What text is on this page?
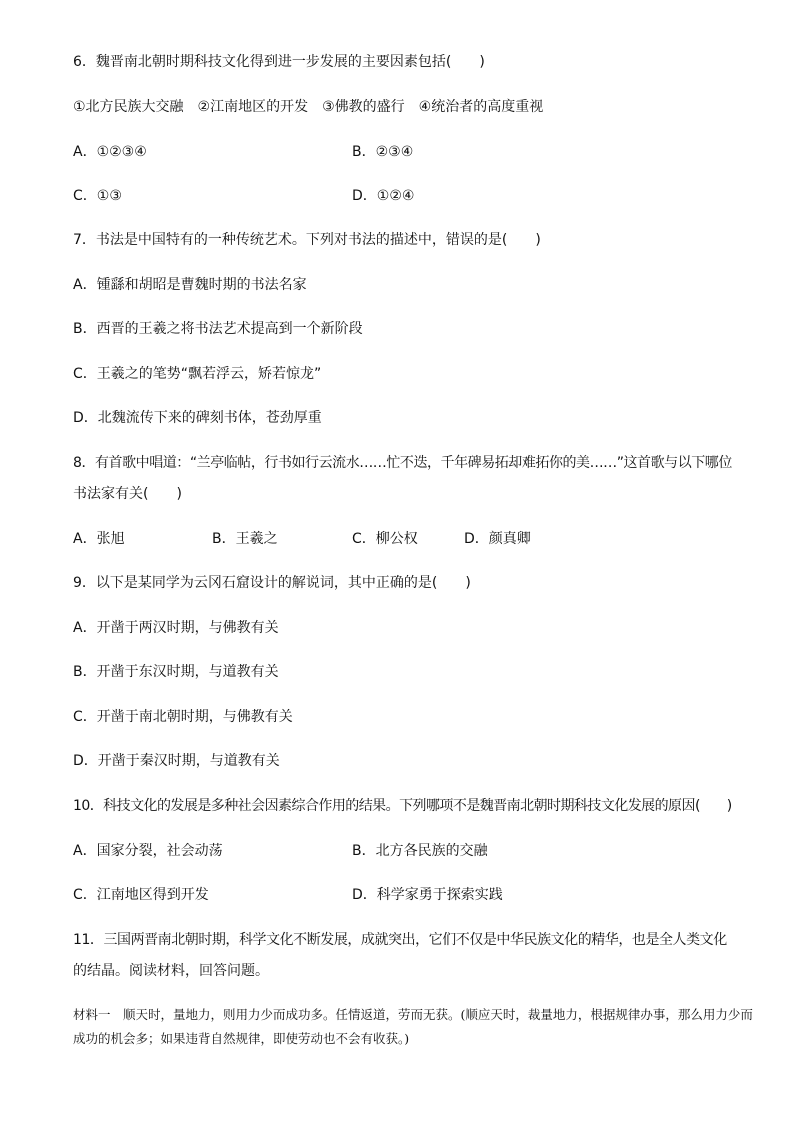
6．魏晋南北朝时期科技文化得到进一步发展的主要因素包括(　　)
①北方民族大交融　②江南地区的开发　③佛教的盛行　④统治者的高度重视
A．①②③④	B．②③④
C．①③	D．①②④
7．书法是中国特有的一种传统艺术。下列对书法的描述中，错误的是(　　)
A．锺繇和胡昭是曹魏时期的书法名家
B．西晋的王羲之将书法艺术提高到一个新阶段
C．王羲之的笔势“飘若浮云，矫若惊龙”
D．北魏流传下来的碑刻书体，苍劲厚重
8．有首歌中唱道：“兰亭临帖，行书如行云流水……忙不迭，千年碑易拓却难拓你的美……”这首歌与以下哪位
书法家有关(　　)
A．张旭	B．王羲之	C．柳公权	D．颜真卿
9．以下是某同学为云冈石窟设计的解说词，其中正确的是(　　)
A．开凿于两汉时期，与佛教有关
B．开凿于东汉时期，与道教有关
C．开凿于南北朝时期，与佛教有关
D．开凿于秦汉时期，与道教有关
10．科技文化的发展是多种社会因素综合作用的结果。下列哪项不是魏晋南北朝时期科技文化发展的原因(　　)
A．国家分裂，社会动荡	B．北方各民族的交融
C．江南地区得到开发	D．科学家勇于探索实践
11．三国两晋南北朝时期，科学文化不断发展，成就突出，它们不仅是中华民族文化的精华，也是全人类文化
的结晶。阅读材料，回答问题。
材料一　顺天时，量地力，则用力少而成功多。任情返道，劳而无获。(顺应天时，裁量地力，根据规律办事，那么用力少而成功的机会多；如果违背自然规律，即使劳动也不会有收获。)
